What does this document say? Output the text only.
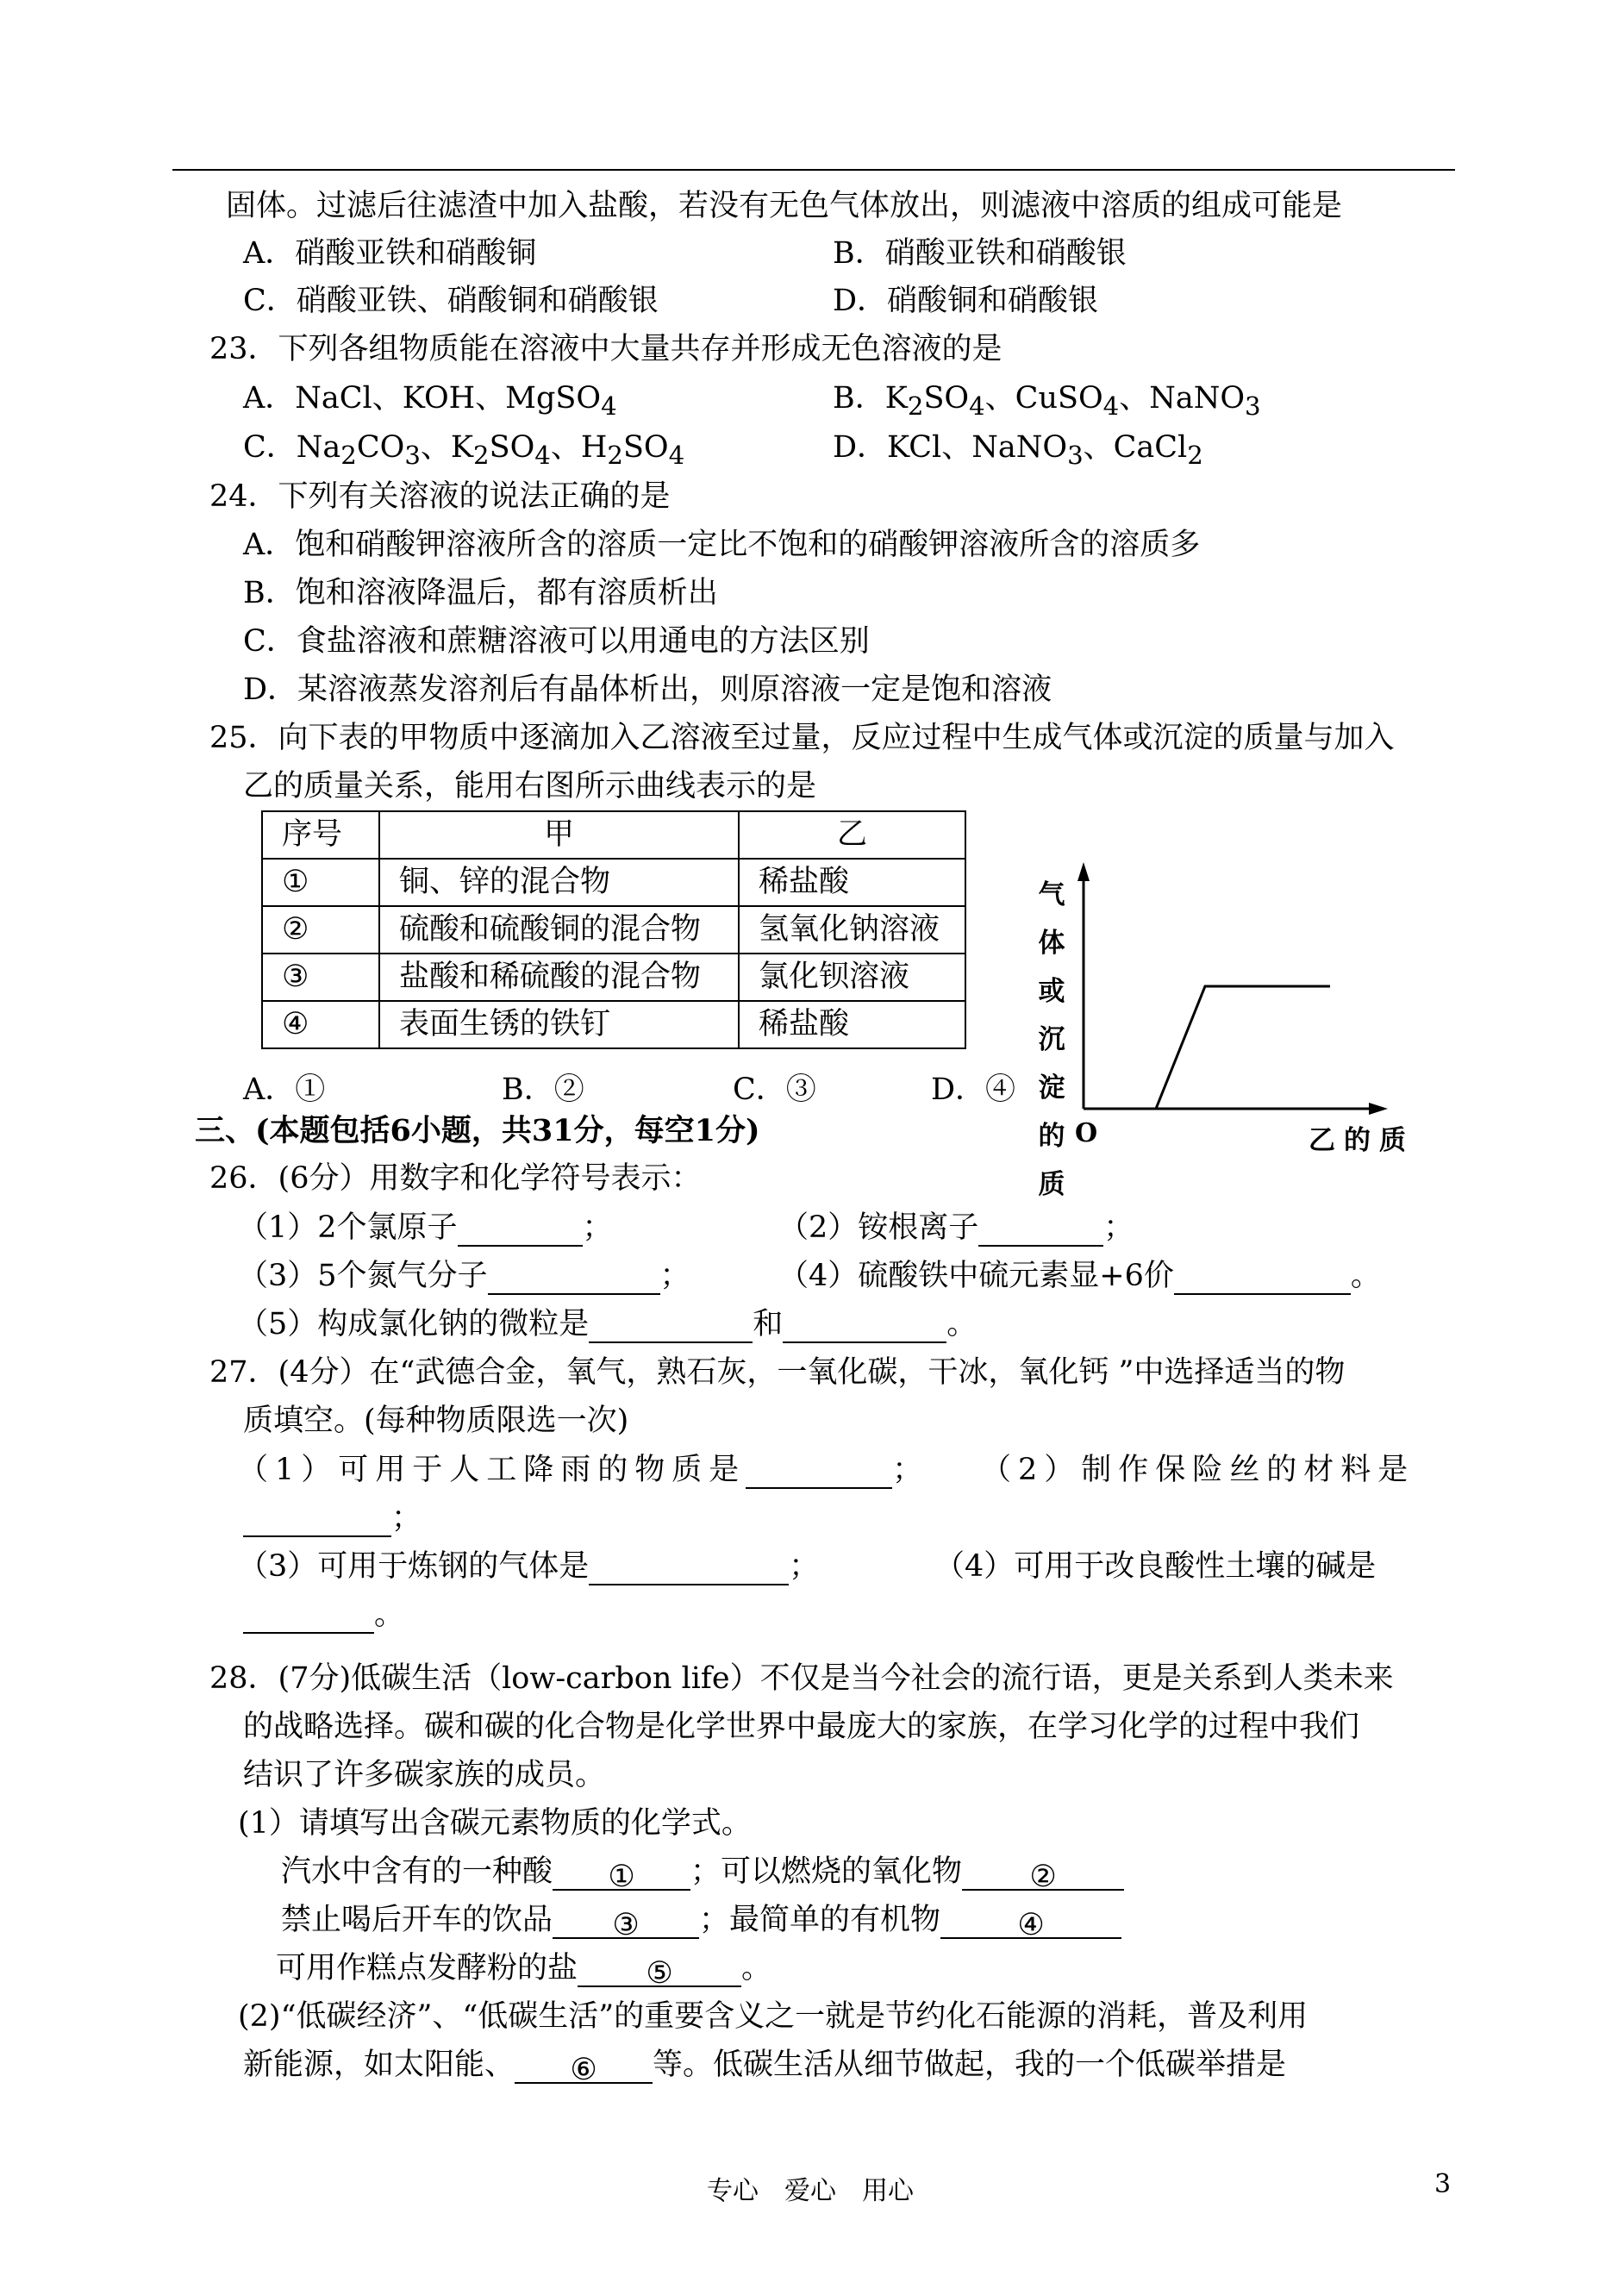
固体。过滤后往滤渣中加入盐酸，若没有无色气体放出，则滤液中溶质的组成可能是
A．硝酸亚铁和硝酸铜	B．硝酸亚铁和硝酸银
C．硝酸亚铁、硝酸铜和硝酸银	D．硝酸铜和硝酸银
23．下列各组物质能在溶液中大量共存并形成无色溶液的是
A．NaCl、KOH、MgSO$_4$	B．$K_2SO_4$、CuSO$_4$、NaNO$_3$
C．$Na_2CO_3$、$K_2SO_4$、$H_2SO_4$	D．KCl、NaNO$_3$、CaCl$_2$
24．下列有关溶液的说法正确的是
A．饱和硝酸钾溶液所含的溶质一定比不饱和的硝酸钾溶液所含的溶质多
B．饱和溶液降温后，都有溶质析出
C．食盐溶液和蔗糖溶液可以用通电的方法区别
D．某溶液蒸发溶剂后有晶体析出，则原溶液一定是饱和溶液
25．向下表的甲物质中逐滴加入乙溶液至过量，反应过程中生成气体或沉淀的质量与加入
乙的质量关系，能用右图所示曲线表示的是
序号	甲	乙
①	铜、锌的混合物	稀盐酸
②	硫酸和硫酸铜的混合物	氢氧化钠溶液
③	盐酸和稀硫酸的混合物	氯化钡溶液
④	表面生锈的铁钉	稀盐酸
A．①	B．②	C．③	D．④
气体或沉淀的质
O	乙的质
三、(本题包括6小题，共31分，每空1分)
26．(6分）用数字和化学符号表示：
（1）2个氯原子	；	（2）铵根离子	；
（3）5个氮气分子	；	（4）硫酸铁中硫元素显+6价	。
（5）构成氯化钠的微粒是	和	。
27．(4分）在“武德合金，氧气，熟石灰，一氧化碳，干冰，氧化钙 ”中选择适当的物
质填空。(每种物质限选一次)
（1）可用于人工降雨的物质是	； （2）制作保险丝的材料是
；
（3）可用于炼钢的气体是	；	（4）可用于改良酸性土壤的碱是
。
28．(7分)低碳生活（low-carbon life）不仅是当今社会的流行语，更是关系到人类未来
的战略选择。碳和碳的化合物是化学世界中最庞大的家族，在学习化学的过程中我们
结识了许多碳家族的成员。
(1）请填写出含碳元素物质的化学式。
汽水中含有的一种酸 ① ；可以燃烧的氧化物 ②
禁止喝后开车的饮品 ③ ；最简单的有机物	④
可用作糕点发酵粉的盐 ⑤ 。
(2)“低碳经济”、“低碳生活”的重要含义之一就是节约化石能源的消耗，普及利用
新能源，如太阳能、 ⑥ 等。低碳生活从细节做起，我的一个低碳举措是
专心　爱心　用心	3
